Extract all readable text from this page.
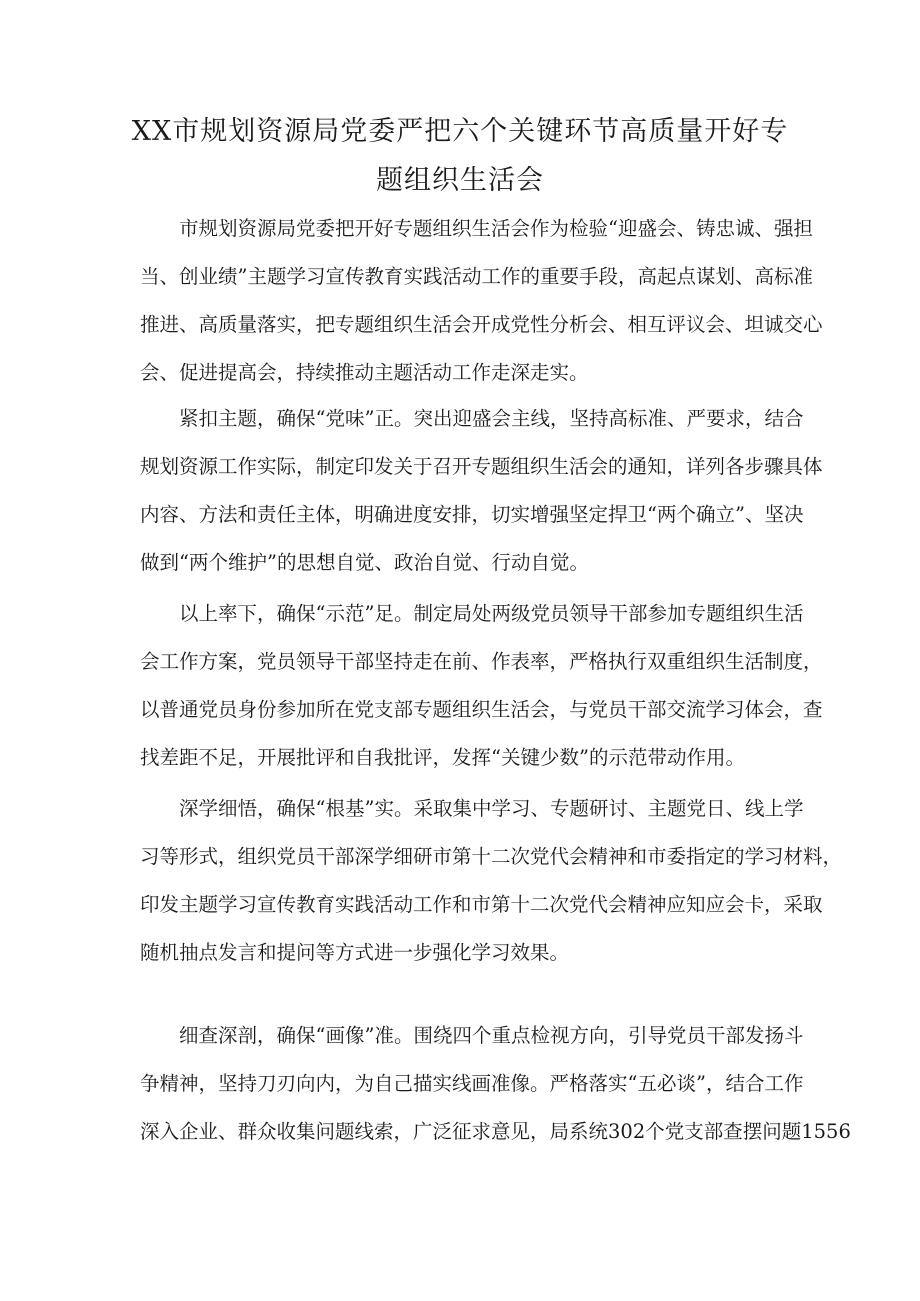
XX市规划资源局党委严把六个关键环节高质量开好专
题组织生活会
市规划资源局党委把开好专题组织生活会作为检验“迎盛会、铸忠诚、强担
当、创业绩”主题学习宣传教育实践活动工作的重要手段，高起点谋划、高标准
推进、高质量落实，把专题组织生活会开成党性分析会、相互评议会、坦诚交心
会、促进提高会，持续推动主题活动工作走深走实。
紧扣主题，确保“党味”正。突出迎盛会主线，坚持高标准、严要求，结合
规划资源工作实际，制定印发关于召开专题组织生活会的通知，详列各步骤具体
内容、方法和责任主体，明确进度安排，切实增强坚定捍卫“两个确立”、坚决
做到“两个维护”的思想自觉、政治自觉、行动自觉。
以上率下，确保“示范”足。制定局处两级党员领导干部参加专题组织生活
会工作方案，党员领导干部坚持走在前、作表率，严格执行双重组织生活制度，
以普通党员身份参加所在党支部专题组织生活会，与党员干部交流学习体会，查
找差距不足，开展批评和自我批评，发挥“关键少数”的示范带动作用。
深学细悟，确保“根基”实。采取集中学习、专题研讨、主题党日、线上学
习等形式，组织党员干部深学细研市第十二次党代会精神和市委指定的学习材料，
印发主题学习宣传教育实践活动工作和市第十二次党代会精神应知应会卡，采取
随机抽点发言和提问等方式进一步强化学习效果。
细查深剖，确保“画像”准。围绕四个重点检视方向，引导党员干部发扬斗
争精神，坚持刀刃向内，为自己描实线画准像。严格落实“五必谈”，结合工作
深入企业、群众收集问题线索，广泛征求意见，局系统302个党支部查摆问题1556
